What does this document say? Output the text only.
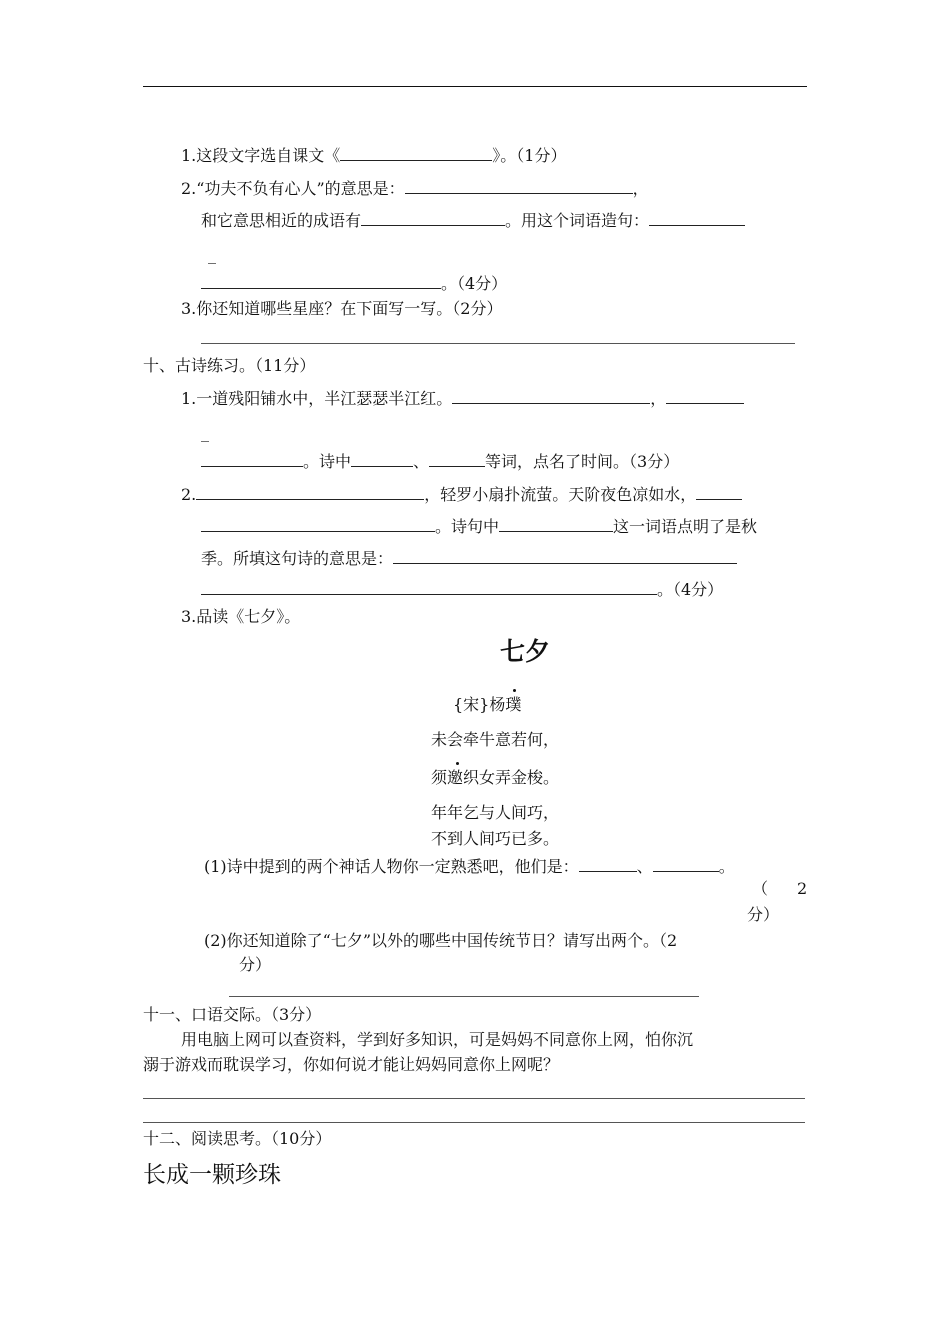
1.这段文字选自课文《	》。（1分）
2.“功夫不负有心人”的意思是：	，
和它意思相近的成语有	。用这个词语造句：
_
。（4分）
3.你还知道哪些星座？在下面写一写。（2分）
十、古诗练习。（11分）
1.一道残阳铺水中，半江瑟瑟半江红。	，
_
。诗中	、	等词，点名了时间。（3分）
2.	，轻罗小扇扑流萤。天阶夜色凉如水，
。诗句中	这一词语点明了是秋
季。所填这句诗的意思是：
。（4分）
3.品读《七夕》。
七夕
{宋}杨璞
未会牵牛意若何，
须邀织女弄金梭。
年年乞与人间巧，
不到人间巧已多。
(1)诗中提到的两个神话人物你一定熟悉吧，他们是：	、	。
（ 2
分）
(2)你还知道除了“七夕”以外的哪些中国传统节日？请写出两个。（2
分）
十一、口语交际。（3分）
用电脑上网可以查资料，学到好多知识，可是妈妈不同意你上网，怕你沉
溺于游戏而耽误学习，你如何说才能让妈妈同意你上网呢？
十二、阅读思考。（10分）
长成一颗珍珠
